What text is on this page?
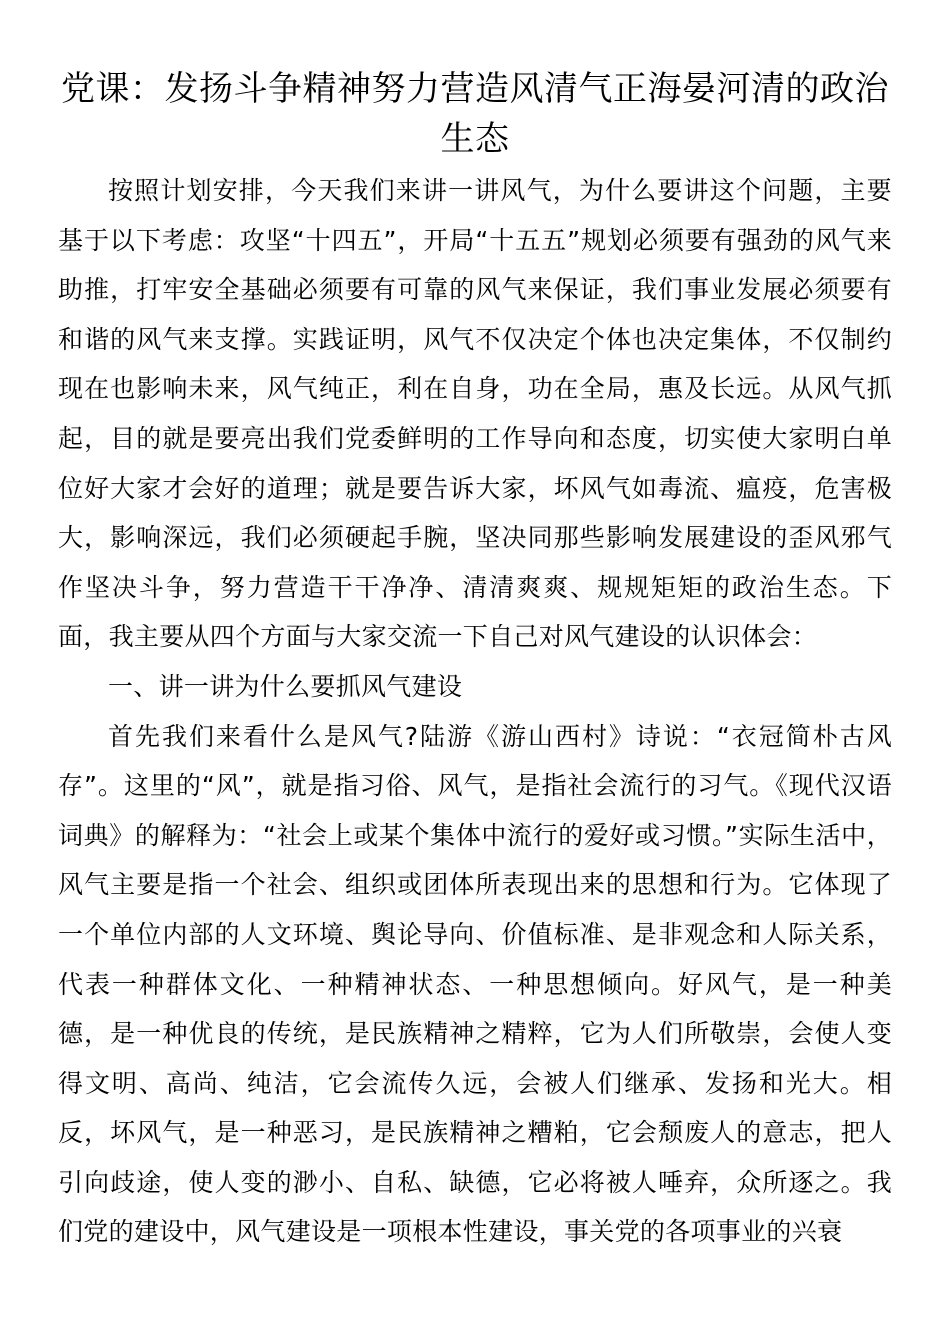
党课：发扬斗争精神努力营造风清气正海晏河清的政治生态

按照计划安排，今天我们来讲一讲风气，为什么要讲这个问题，主要基于以下考虑：攻坚“十四五”，开局“十五五”规划必须要有强劲的风气来助推，打牢安全基础必须要有可靠的风气来保证，我们事业发展必须要有和谐的风气来支撑。实践证明，风气不仅决定个体也决定集体，不仅制约现在也影响未来，风气纯正，利在自身，功在全局，惠及长远。从风气抓起，目的就是要亮出我们党委鲜明的工作导向和态度，切实使大家明白单位好大家才会好的道理；就是要告诉大家，坏风气如毒流、瘟疫，危害极大，影响深远，我们必须硬起手腕，坚决同那些影响发展建设的歪风邪气作坚决斗争，努力营造干干净净、清清爽爽、规规矩矩的政治生态。下面，我主要从四个方面与大家交流一下自己对风气建设的认识体会：

一、讲一讲为什么要抓风气建设

首先我们来看什么是风气?陆游《游山西村》诗说：“衣冠简朴古风存”。这里的“风”，就是指习俗、风气，是指社会流行的习气。《现代汉语词典》的解释为：“社会上或某个集体中流行的爱好或习惯。”实际生活中，风气主要是指一个社会、组织或团体所表现出来的思想和行为。它体现了一个单位内部的人文环境、舆论导向、价值标准、是非观念和人际关系，代表一种群体文化、一种精神状态、一种思想倾向。好风气，是一种美德，是一种优良的传统，是民族精神之精粹，它为人们所敬崇，会使人变得文明、高尚、纯洁，它会流传久远，会被人们继承、发扬和光大。相反，坏风气，是一种恶习，是民族精神之糟粕，它会颓废人的意志，把人引向歧途，使人变的渺小、自私、缺德，它必将被人唾弃，众所逐之。我们党的建设中，风气建设是一项根本性建设，事关党的各项事业的兴衰
